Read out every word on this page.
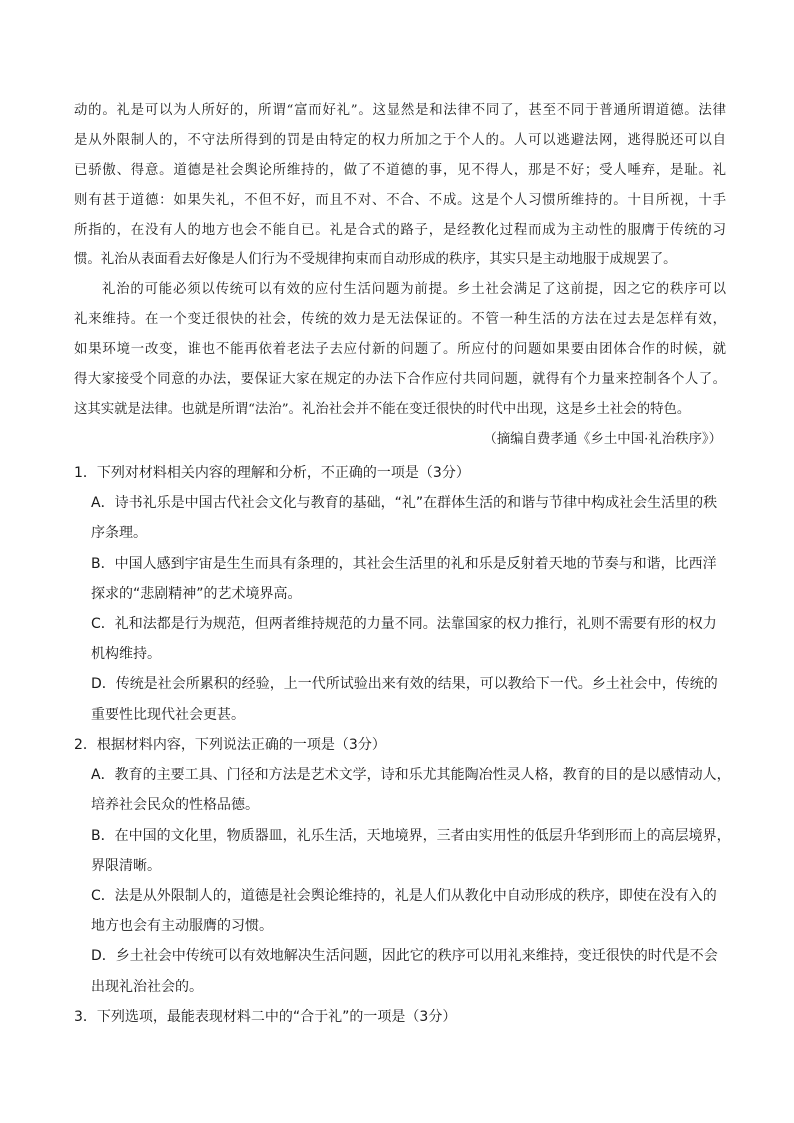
动的。礼是可以为人所好的，所谓“富而好礼”。这显然是和法律不同了，甚至不同于普通所谓道德。法律
是从外限制人的，不守法所得到的罚是由特定的权力所加之于个人的。人可以逃避法网，逃得脱还可以自
已骄傲、得意。道德是社会舆论所维持的，做了不道德的事，见不得人，那是不好；受人唾弃，是耻。礼
则有甚于道德：如果失礼，不但不好，而且不对、不合、不成。这是个人习惯所维持的。十目所视，十手
所指的，在没有人的地方也会不能自已。礼是合式的路子，是经教化过程而成为主动性的服膺于传统的习
惯。礼治从表面看去好像是人们行为不受规律拘束而自动形成的秩序，其实只是主动地服于成规罢了。
礼治的可能必须以传统可以有效的应付生活问题为前提。乡土社会满足了这前提，因之它的秩序可以
礼来维持。在一个变迁很快的社会，传统的效力是无法保证的。不管一种生活的方法在过去是怎样有效，
如果环境一改变，谁也不能再依着老法子去应付新的问题了。所应付的问题如果要由团体合作的时候，就
得大家接受个同意的办法，要保证大家在规定的办法下合作应付共同问题，就得有个力量来控制各个人了。
这其实就是法律。也就是所谓“法治”。礼治社会并不能在变迁很快的时代中出现，这是乡土社会的特色。
（摘编自费孝通《乡土中国·礼治秩序》）
1．下列对材料相关内容的理解和分析，不正确的一项是（3分）
A．诗书礼乐是中国古代社会文化与教育的基础，“礼”在群体生活的和谐与节律中构成社会生活里的秩
序条理。
B．中国人感到宇宙是生生而具有条理的，其社会生活里的礼和乐是反射着天地的节奏与和谐，比西洋
探求的“悲剧精神”的艺术境界高。
C．礼和法都是行为规范，但两者维持规范的力量不同。法靠国家的权力推行，礼则不需要有形的权力
机构维持。
D．传统是社会所累积的经验，上一代所试验出来有效的结果，可以教给下一代。乡土社会中，传统的
重要性比现代社会更甚。
2．根据材料内容，下列说法正确的一项是（3分）
A．教育的主要工具、门径和方法是艺术文学，诗和乐尤其能陶冶性灵人格，教育的目的是以感情动人，
培养社会民众的性格品德。
B．在中国的文化里，物质器皿，礼乐生活，天地境界，三者由实用性的低层升华到形而上的高层境界，
界限清晰。
C．法是从外限制人的，道德是社会舆论维持的，礼是人们从教化中自动形成的秩序，即使在没有入的
地方也会有主动服膺的习惯。
D．乡土社会中传统可以有效地解决生活问题，因此它的秩序可以用礼来维持，变迁很快的时代是不会
出现礼治社会的。
3．下列选项，最能表现材料二中的“合于礼”的一项是（3分）
